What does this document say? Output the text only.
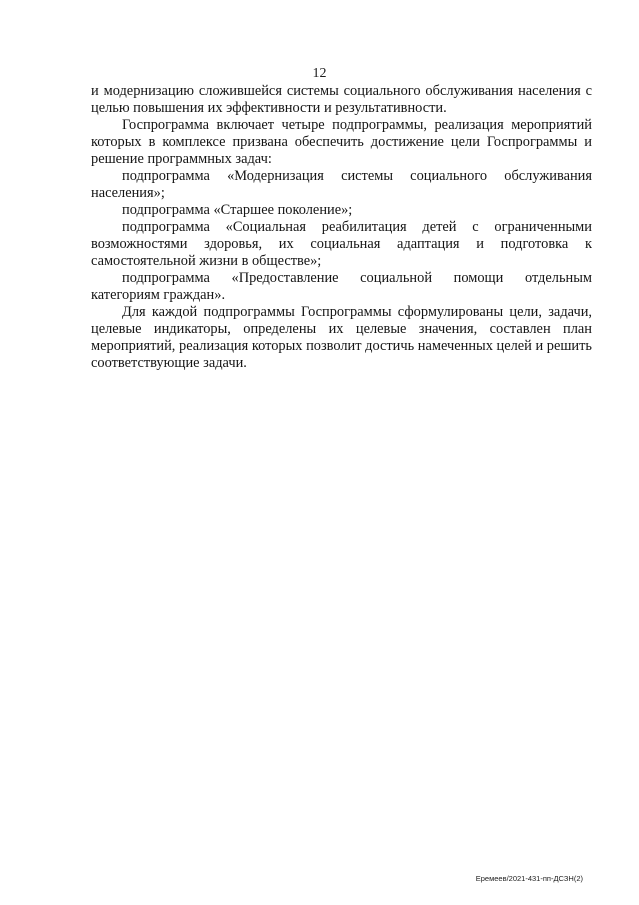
12

и модернизацию сложившейся системы социального обслуживания населения с целью повышения их эффективности и результативности.

Госпрограмма включает четыре подпрограммы, реализация мероприятий которых в комплексе призвана обеспечить достижение цели Госпрограммы и решение программных задач:

подпрограмма «Модернизация системы социального обслуживания населения»;

подпрограмма «Старшее поколение»;

подпрограмма «Социальная реабилитация детей с ограниченными возможностями здоровья, их социальная адаптация и подготовка к самостоятельной жизни в обществе»;

подпрограмма «Предоставление социальной помощи отдельным категориям граждан».

Для каждой подпрограммы Госпрограммы сформулированы цели, задачи, целевые индикаторы, определены их целевые значения, составлен план мероприятий, реализация которых позволит достичь намеченных целей и решить соответствующие задачи.

Еремеев/2021-431-пп-ДСЗН(2)
